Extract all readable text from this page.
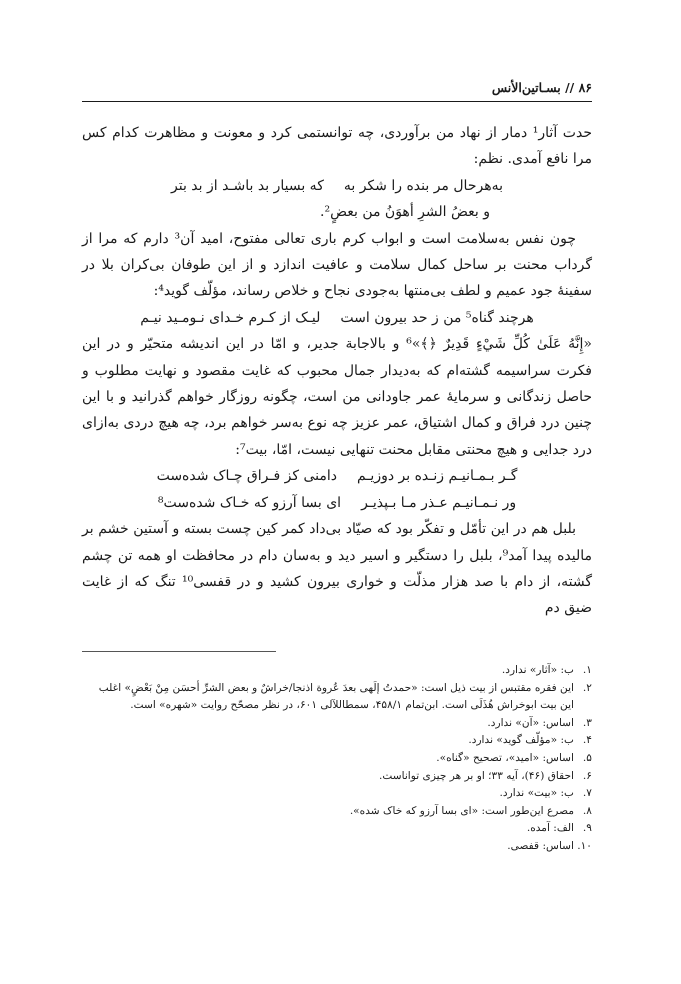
۸۶ // بسـاتین‌الأنس

حدت آثار¹ دمار از نهاد من برآوردی، چه توانستمی کرد و معونت و مظاهرت کدام کس مرا نافع آمدی. نظم:

به‌هرحال مر بنده را شکر به
که بسیار بد باشـد از بد بتر
و بعضُ الشرِ أهوَنُ من بعضٍ².

چون نفس به‌سلامت است و ابواب کرم باری تعالی مفتوح، امید آن³ دارم که مرا از گرداب محنت بر ساحل کمال سلامت و عافیت اندازد و از این طوفان بی‌کران بلا در سفینهٔ جود عمیم و لطف بی‌منتها به‌جودی نجاح و خلاص رساند، مؤلّف گوید⁴:

هرچند گناه⁵ من ز حد بیرون است
لیـک از کـرم خـدای نـومـید نیـم

«إِنَّهُ عَلَىٰ كُلِّ شَيْءٍ قَدِيرٌ ﴿﴾»⁶ و بالاجابة جدیر، و امّا در این اندیشه متحیّر و در این فکرت سراسیمه گشته‌ام که به‌دیدار جمال محبوب که غایت مقصود و نهایت مطلوب و حاصل زندگانی و سرمایهٔ عمر جاودانی من است، چگونه روزگار خواهم گذرانید و با این چنین درد فراق و کمال اشتیاق، عمر عزیز چه نوع به‌سر خواهم برد، چه هیچ دردی به‌ازای درد جدایی و هیچ محنتی مقابل محنت تنهایی نیست، امّا، بیت⁷:

گـر بـمـانیـم زنـده بر دوزیـم
دامنی کز فـراق چـاک شده‌ست
ور نـمـانیـم عـذر مـا بـپذیـر
ای بسا آرزو که خـاک شده‌ست⁸

بلبل هم در این تأمّل و تفکّر بود که صیّاد بی‌داد کمر کین چست بسته و آستین خشم بر مالیده پیدا آمد⁹، بلبل را دستگیر و اسیر دید و به‌سان دام در محافظت او همه تن چشم گشته، از دام با صد هزار مذلّت و خواری بیرون کشید و در قفسی¹⁰ تنگ که از غایت ضیق دم

۱.
ب: «آثار» ندارد.
۲.
این فقره مقتبس از بیت ذیل است: «حمدتُ إلَهی بعدَ عُروة اذنجا/خراشٌ و بعض الشرِّ أحسَن مِنْ بَعْضٍ» اغلب این بیت ابوخراش هُذَلَی است. ابن‌تمام ۴۵۸/۱، سمطاللآلی ۶۰۱، در نظر مصحّح روایت «شهره» است.
۳.
اساس: «آن» ندارد.
۴.
ب: «مؤلّف گوید» ندارد.
۵.
اساس: «امید»، تصحیح «گناه».
۶.
احقاق (۴۶)، آیه ۳۳؛ او بر هر چیزی تواناست.
۷.
ب: «بیت» ندارد.
۸.
مصرع این‌طور است: «ای بسا آرزو که خاک شده».
۹.
الف: آمده.
۱۰.
اساس: قفصی.
